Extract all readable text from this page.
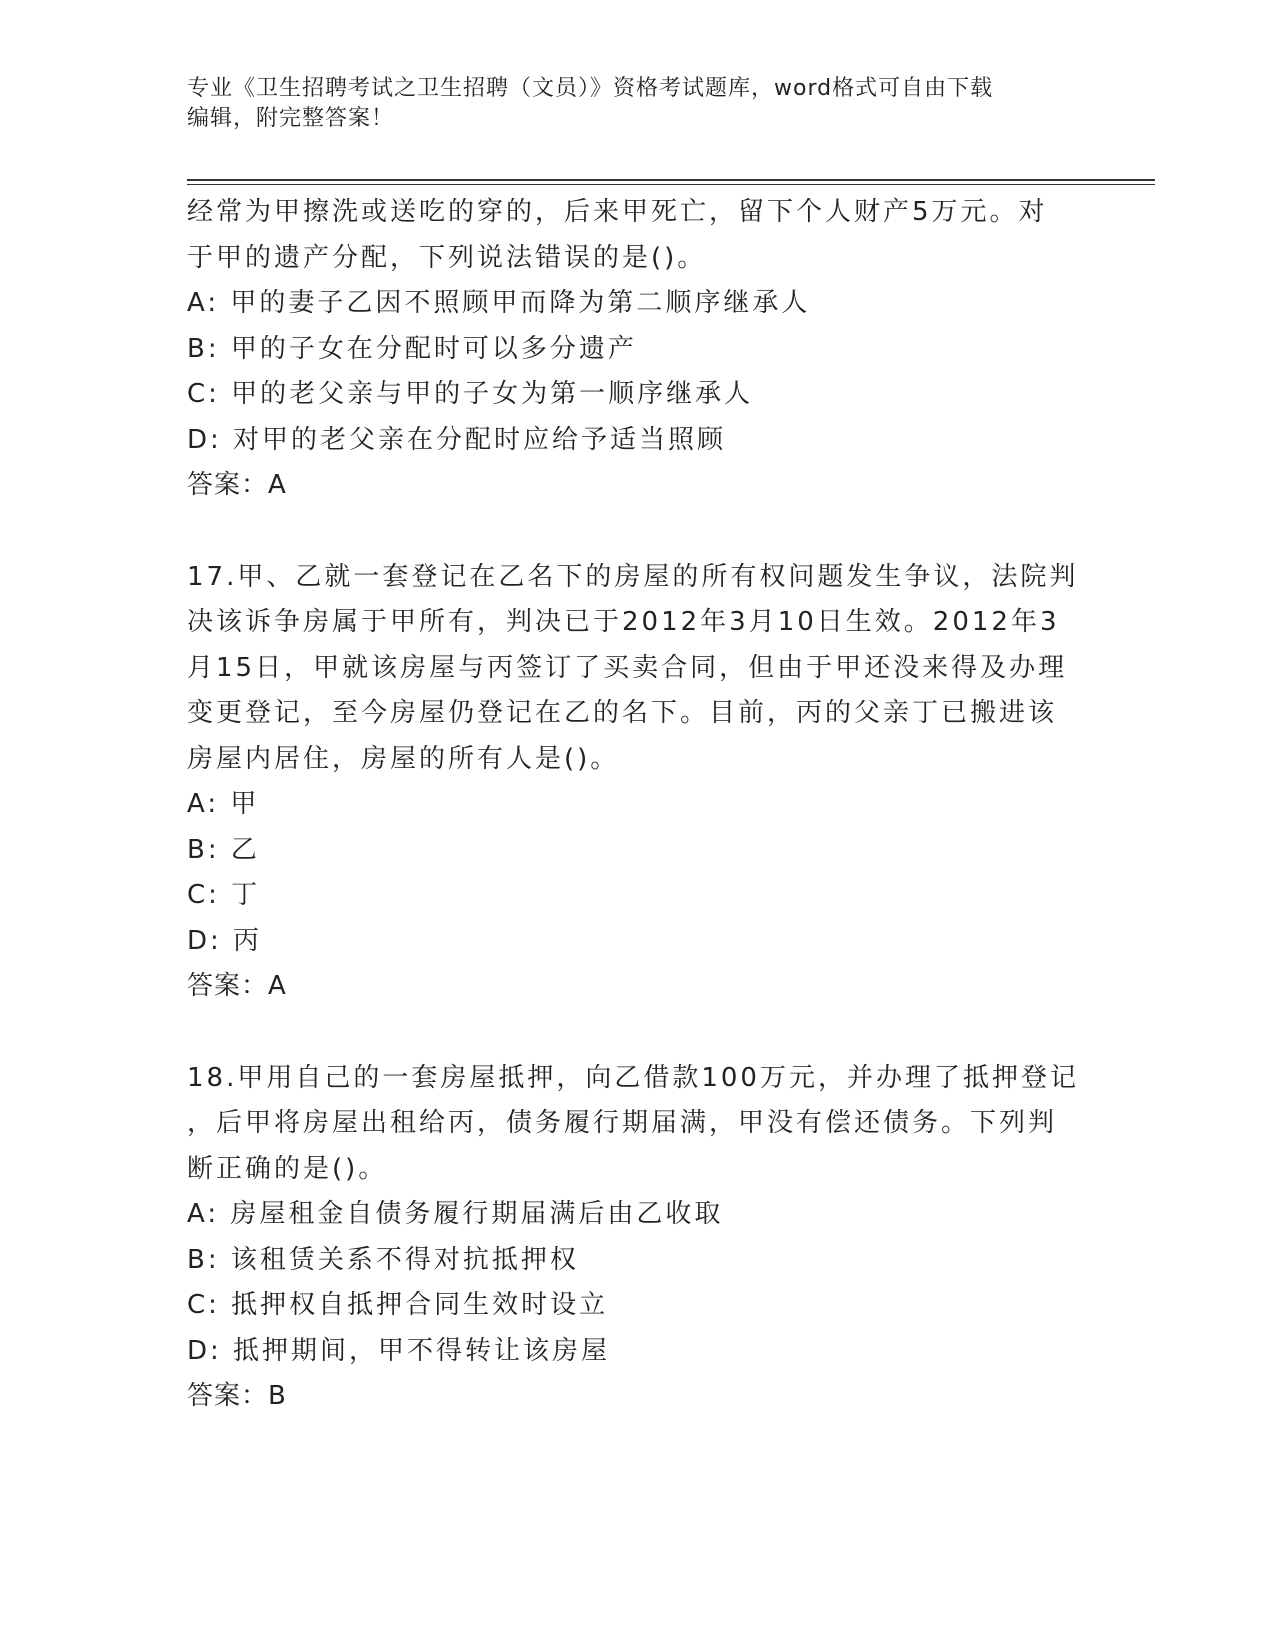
专业《卫生招聘考试之卫生招聘（文员）》资格考试题库，word格式可自由下载
编辑，附完整答案！
经常为甲擦洗或送吃的穿的，后来甲死亡，留下个人财产5万元。对
于甲的遗产分配，下列说法错误的是()。
A: 甲的妻子乙因不照顾甲而降为第二顺序继承人
B: 甲的子女在分配时可以多分遗产
C: 甲的老父亲与甲的子女为第一顺序继承人
D: 对甲的老父亲在分配时应给予适当照顾
答案：A
17.甲、乙就一套登记在乙名下的房屋的所有权问题发生争议，法院判
决该诉争房属于甲所有，判决已于2012年3月10日生效。2012年3
月15日，甲就该房屋与丙签订了买卖合同，但由于甲还没来得及办理
变更登记，至今房屋仍登记在乙的名下。目前，丙的父亲丁已搬进该
房屋内居住，房屋的所有人是()。
A: 甲
B: 乙
C: 丁
D: 丙
答案：A
18.甲用自己的一套房屋抵押，向乙借款100万元，并办理了抵押登记
，后甲将房屋出租给丙，债务履行期届满，甲没有偿还债务。下列判
断正确的是()。
A: 房屋租金自债务履行期届满后由乙收取
B: 该租赁关系不得对抗抵押权
C: 抵押权自抵押合同生效时设立
D: 抵押期间，甲不得转让该房屋
答案：B
